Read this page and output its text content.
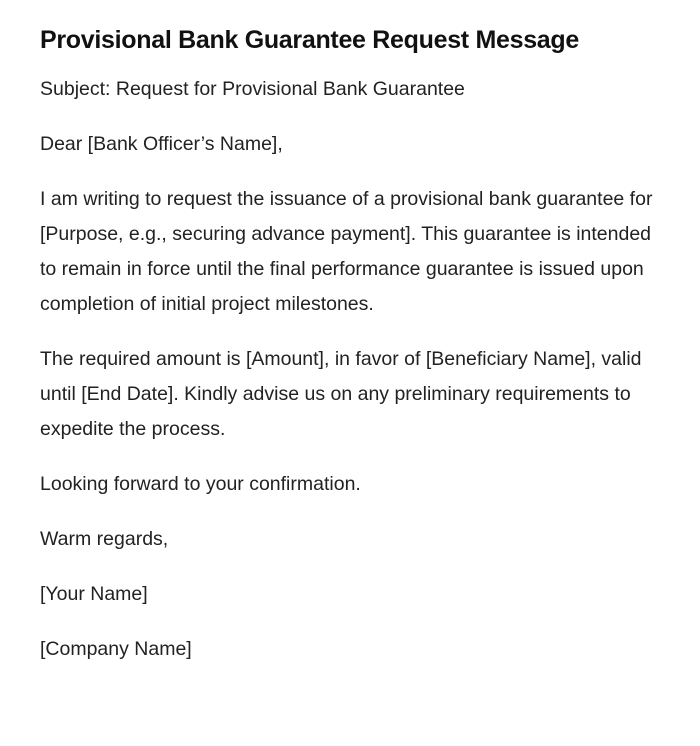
Provisional Bank Guarantee Request Message

Subject: Request for Provisional Bank Guarantee

Dear [Bank Officer’s Name],

I am writing to request the issuance of a provisional bank guarantee for [Purpose, e.g., securing advance payment]. This guarantee is intended to remain in force until the final performance guarantee is issued upon completion of initial project milestones.

The required amount is [Amount], in favor of [Beneficiary Name], valid until [End Date]. Kindly advise us on any preliminary requirements to expedite the process.

Looking forward to your confirmation.

Warm regards,

[Your Name]

[Company Name]
